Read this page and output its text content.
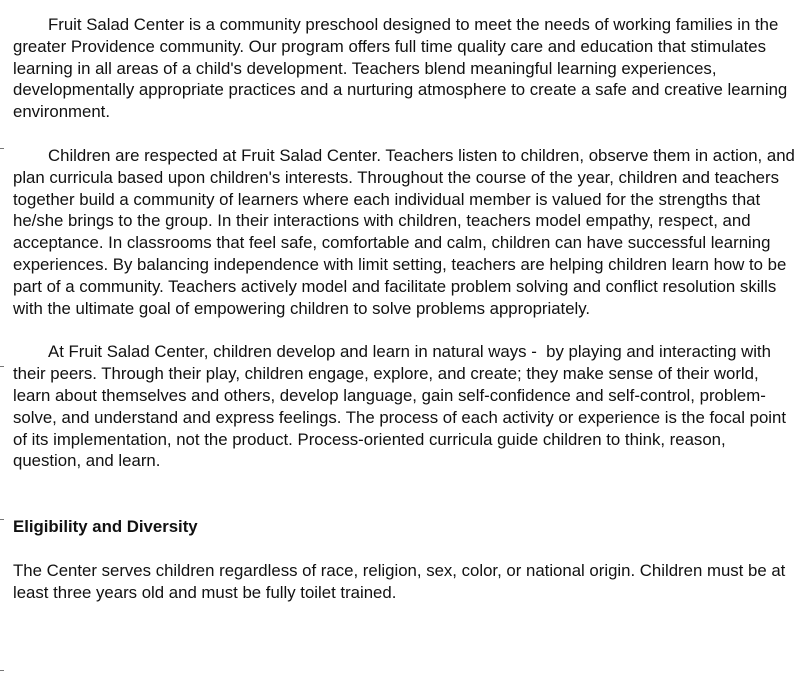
Fruit Salad Center is a community preschool designed to meet the needs of working families in the greater Providence community. Our program offers full time quality care and education that stimulates learning in all areas of a child's development. Teachers blend meaningful learning experiences, developmentally appropriate practices and a nurturing atmosphere to create a safe and creative learning environment.

Children are respected at Fruit Salad Center. Teachers listen to children, observe them in action, and plan curricula based upon children's interests. Throughout the course of the year, children and teachers together build a community of learners where each individual member is valued for the strengths that he/she brings to the group. In their interactions with children, teachers model empathy, respect, and acceptance. In classrooms that feel safe, comfortable and calm, children can have successful learning experiences. By balancing independence with limit setting, teachers are helping children learn how to be part of a community. Teachers actively model and facilitate problem solving and conflict resolution skills with the ultimate goal of empowering children to solve problems appropriately.

At Fruit Salad Center, children develop and learn in natural ways -  by playing and interacting with their peers. Through their play, children engage, explore, and create; they make sense of their world, learn about themselves and others, develop language, gain self-confidence and self-control, problem-solve, and understand and express feelings. The process of each activity or experience is the focal point of its implementation, not the product. Process-oriented curricula guide children to think, reason, question, and learn.

Eligibility and Diversity

The Center serves children regardless of race, religion, sex, color, or national origin. Children must be at least three years old and must be fully toilet trained.
